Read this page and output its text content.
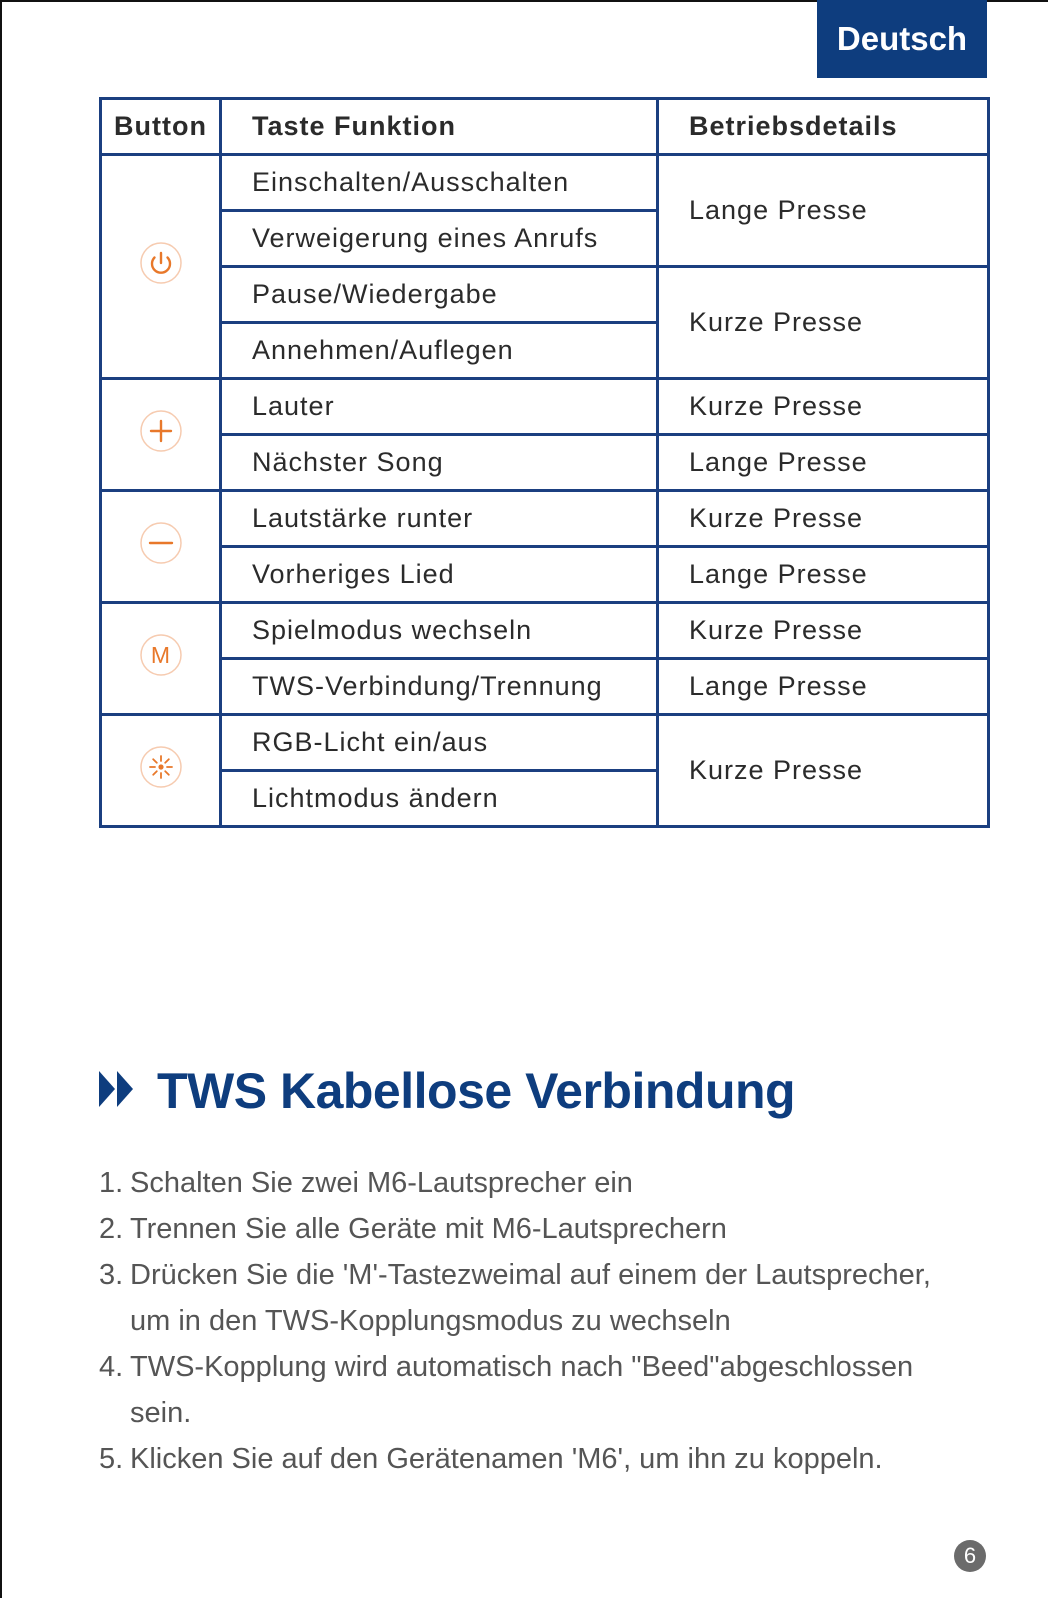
Deutsch
Button	Taste Funktion	Betriebsdetails

	Einschalten/Ausschalten	Lange Presse
	Verweigerung eines Anrufs	
	Pause/Wiedergabe	Kurze Presse
	Annehmen/Auflegen	

	Lauter	Kurze Presse
	Nächster Song	Lange Presse

	Lautstärke runter	Kurze Presse
	Vorheriges Lied	Lange Presse

M	Spielmodus wechseln	Kurze Presse
	TWS-Verbindung/Trennung	Lange Presse

	RGB-Licht ein/aus	Kurze Presse
	Lichtmodus ändern	
TWS Kabellose Verbindung
1. Schalten Sie zwei M6-Lautsprecher ein
2. Trennen Sie alle Geräte mit M6-Lautsprechern
3. Drücken Sie die 'M'-Tastezweimal auf einem der Lautsprecher,
um in den TWS-Kopplungsmodus zu wechseln
4. TWS-Kopplung wird automatisch nach "Beed"abgeschlossen
sein.
5. Klicken Sie auf den Gerätenamen 'M6', um ihn zu koppeln.
6
